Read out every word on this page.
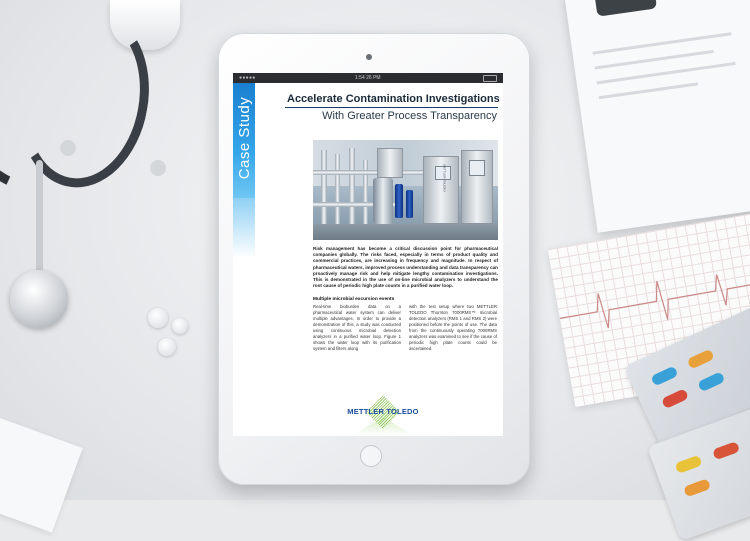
●●●●●	1:54 26 PM
Case Study	Accelerate Contamination Investigations
With Greater Process Transparency
METTLER TOLEDO
Risk management has become a critical discussion point for pharmaceutical companies globally. The risks faced, especially in terms of product quality and commercial practices, are increasing in frequency and magnitude. In respect of pharmaceutical waters, improved process understanding and data transparency can proactively manage risk and help mitigate lengthy contamination investigations. This is demonstrated in the use of on-line microbial analyzers to understand the root cause of periodic high plate counts in a purified water loop.
Multiple microbial excursion events
Real-time bioburden data on a pharmaceutical water system can deliver multiple advantages. In order to provide a demonstration of this, a study was conducted using continuous microbial detection analyzers in a purified water loop. Figure 1 shows the water loop with its purification system and filters along
with the test setup where two METTLER TOLEDO Thornton 7000RMS™ microbial detection analyzers (RMS 1 and RMS 2) were positioned before the points of use. The data from the continuously operating 7000RMS analyzers was examined to see if the cause of periodic high plate counts could be ascertained.
METTLER TOLEDO
